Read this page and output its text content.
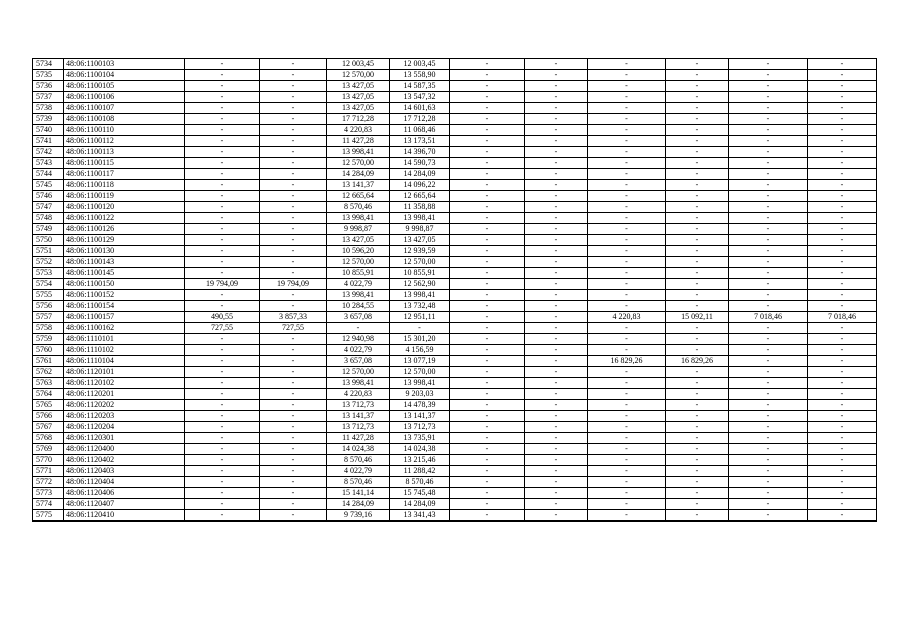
5734	48:06:1100103	-	-	12 003,45	12 003,45	-	-	-	-	-	-
5735	48:06:1100104	-	-	12 570,00	13 558,90	-	-	-	-	-	-
5736	48:06:1100105	-	-	13 427,05	14 587,35	-	-	-	-	-	-
5737	48:06:1100106	-	-	13 427,05	13 547,32	-	-	-	-	-	-
5738	48:06:1100107	-	-	13 427,05	14 601,63	-	-	-	-	-	-
5739	48:06:1100108	-	-	17 712,28	17 712,28	-	-	-	-	-	-
5740	48:06:1100110	-	-	4 220,83	11 068,46	-	-	-	-	-	-
5741	48:06:1100112	-	-	11 427,28	13 173,51	-	-	-	-	-	-
5742	48:06:1100113	-	-	13 998,41	14 396,70	-	-	-	-	-	-
5743	48:06:1100115	-	-	12 570,00	14 590,73	-	-	-	-	-	-
5744	48:06:1100117	-	-	14 284,09	14 284,09	-	-	-	-	-	-
5745	48:06:1100118	-	-	13 141,37	14 096,22	-	-	-	-	-	-
5746	48:06:1100119	-	-	12 665,64	12 665,64	-	-	-	-	-	-
5747	48:06:1100120	-	-	8 570,46	11 358,88	-	-	-	-	-	-
5748	48:06:1100122	-	-	13 998,41	13 998,41	-	-	-	-	-	-
5749	48:06:1100126	-	-	9 998,87	9 998,87	-	-	-	-	-	-
5750	48:06:1100129	-	-	13 427,05	13 427,05	-	-	-	-	-	-
5751	48:06:1100130	-	-	10 596,20	12 939,59	-	-	-	-	-	-
5752	48:06:1100143	-	-	12 570,00	12 570,00	-	-	-	-	-	-
5753	48:06:1100145	-	-	10 855,91	10 855,91	-	-	-	-	-	-
5754	48:06:1100150	19 794,09	19 794,09	4 022,79	12 562,90	-	-	-	-	-	-
5755	48:06:1100152	-	-	13 998,41	13 998,41	-	-	-	-	-	-
5756	48:06:1100154	-	-	10 284,55	13 732,48	-	-	-	-	-	-
5757	48:06:1100157	490,55	3 857,33	3 657,08	12 951,11	-	-	4 220,83	15 092,11	7 018,46	7 018,46
5758	48:06:1100162	727,55	727,55	-	-	-	-	-	-	-	-
5759	48:06:1110101	-	-	12 940,98	15 301,20	-	-	-	-	-	-
5760	48:06:1110102	-	-	4 022,79	4 156,59	-	-	-	-	-	-
5761	48:06:1110104	-	-	3 657,08	13 077,19	-	-	16 829,26	16 829,26	-	-
5762	48:06:1120101	-	-	12 570,00	12 570,00	-	-	-	-	-	-
5763	48:06:1120102	-	-	13 998,41	13 998,41	-	-	-	-	-	-
5764	48:06:1120201	-	-	4 220,83	9 203,03	-	-	-	-	-	-
5765	48:06:1120202	-	-	13 712,73	14 478,39	-	-	-	-	-	-
5766	48:06:1120203	-	-	13 141,37	13 141,37	-	-	-	-	-	-
5767	48:06:1120204	-	-	13 712,73	13 712,73	-	-	-	-	-	-
5768	48:06:1120301	-	-	11 427,28	13 735,91	-	-	-	-	-	-
5769	48:06:1120400	-	-	14 024,38	14 024,38	-	-	-	-	-	-
5770	48:06:1120402	-	-	8 570,46	13 215,46	-	-	-	-	-	-
5771	48:06:1120403	-	-	4 022,79	11 288,42	-	-	-	-	-	-
5772	48:06:1120404	-	-	8 570,46	8 570,46	-	-	-	-	-	-
5773	48:06:1120406	-	-	15 141,14	15 745,48	-	-	-	-	-	-
5774	48:06:1120407	-	-	14 284,09	14 284,09	-	-	-	-	-	-
5775	48:06:1120410	-	-	9 739,16	13 341,43	-	-	-	-	-	-
